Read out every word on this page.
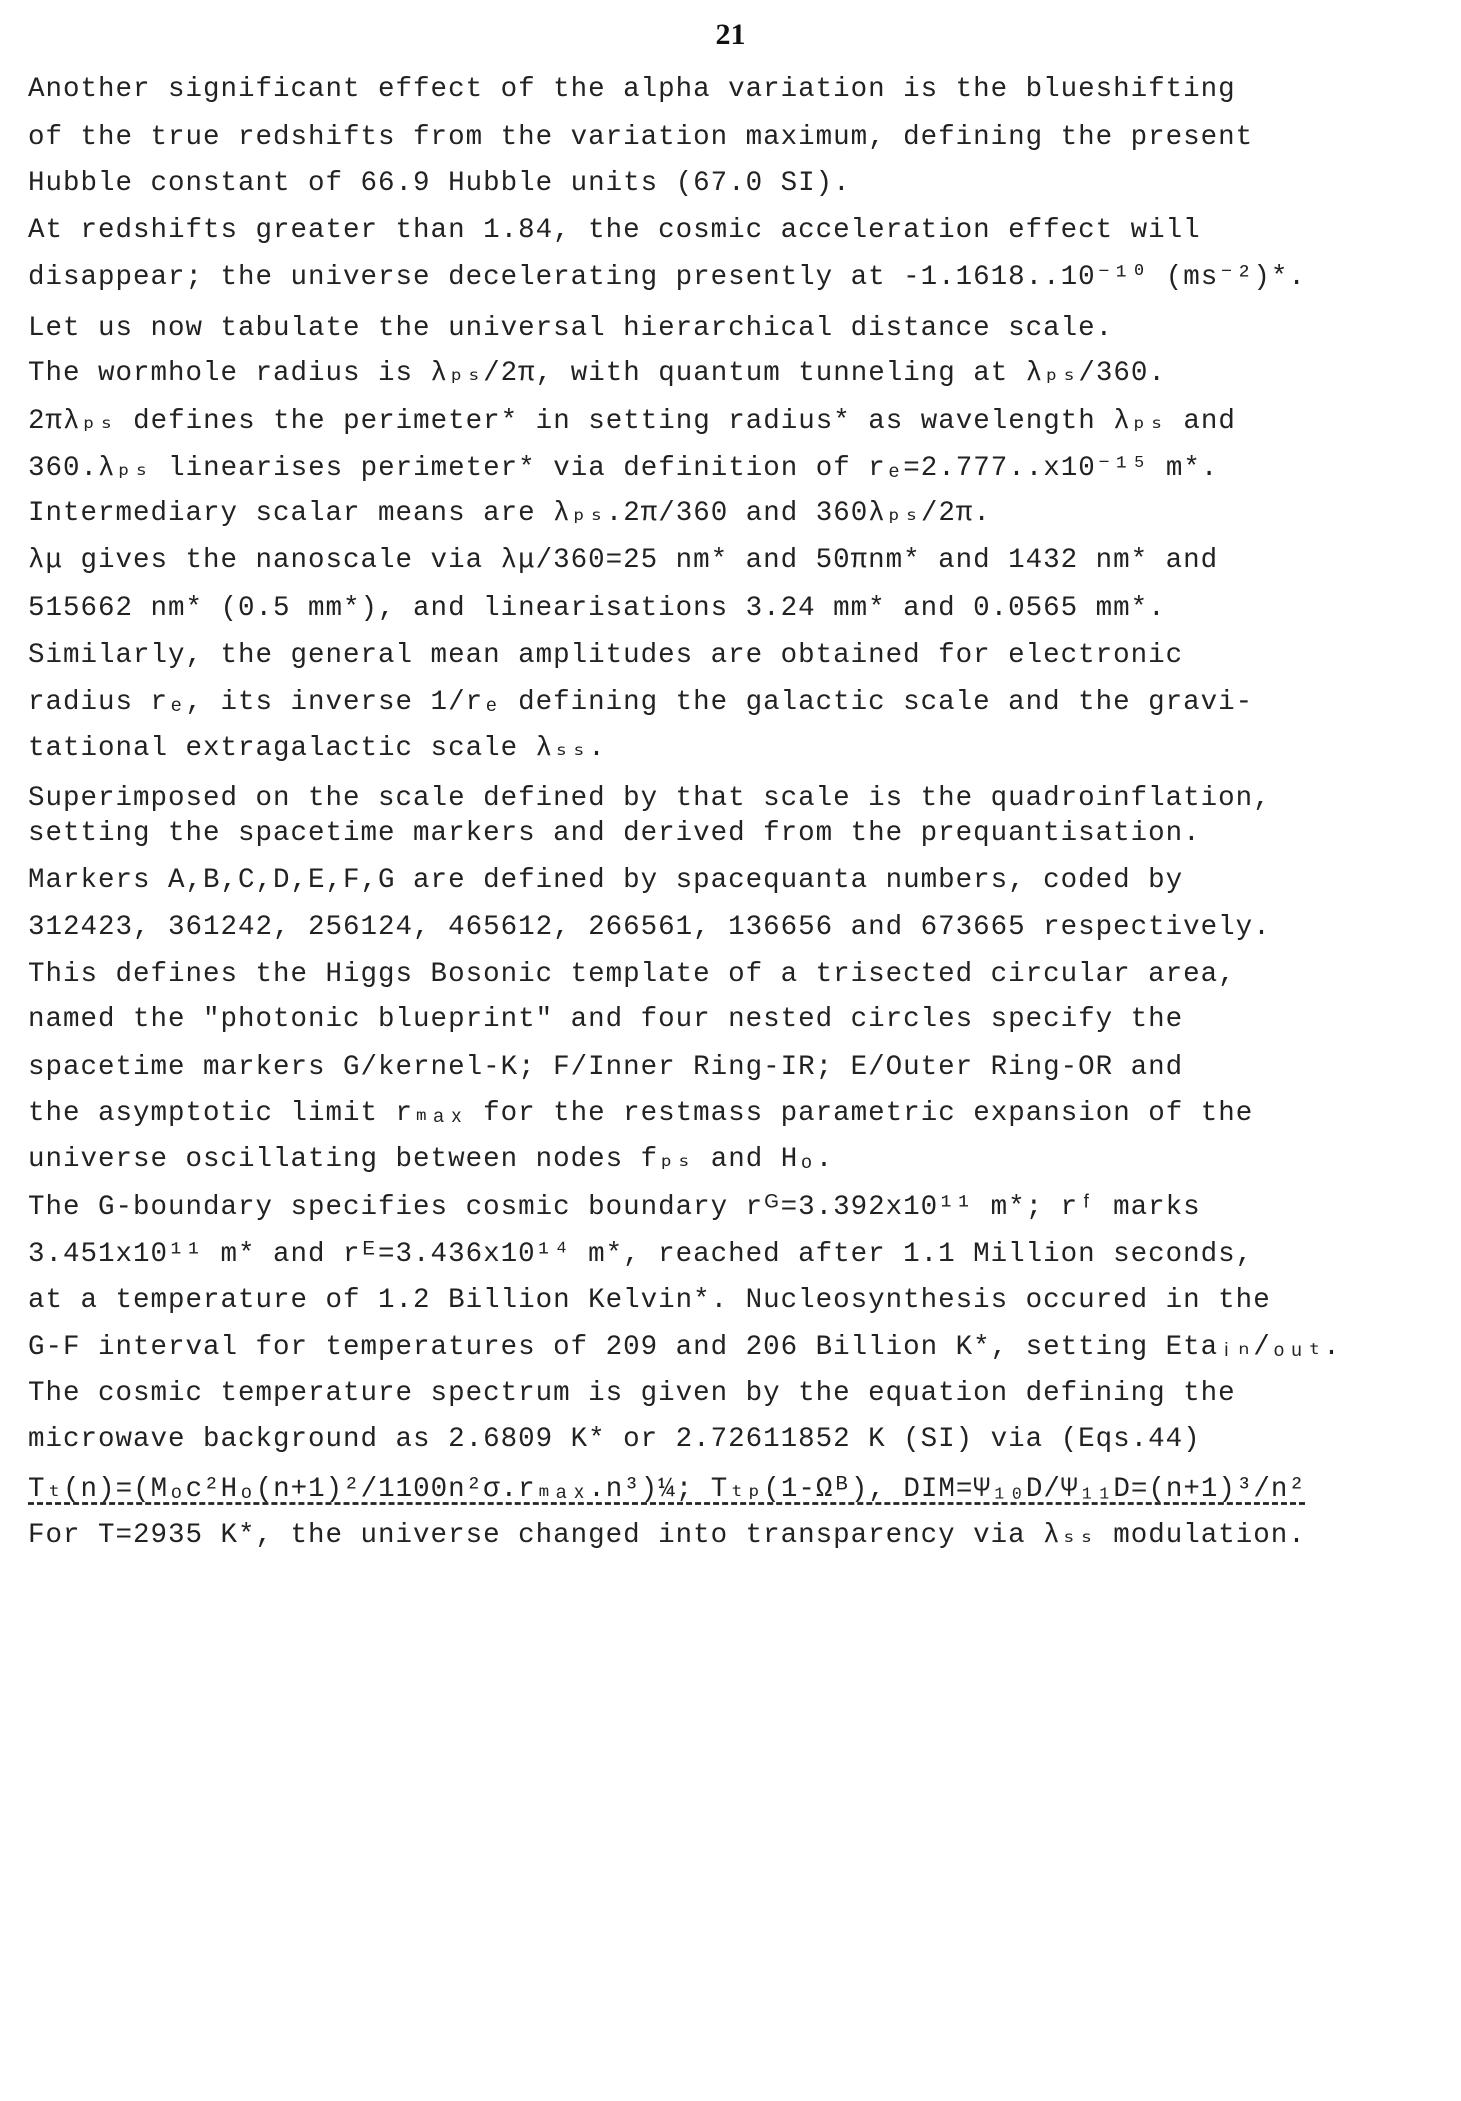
21
Another significant effect of the alpha variation is the blueshifting
of the true redshifts from the variation maximum, defining the present
Hubble constant of 66.9 Hubble units (67.0 SI).
At redshifts greater than 1.84, the cosmic acceleration effect will
disappear; the universe decelerating presently at -1.1618..10⁻¹⁰ (ms⁻²)*.
Let us now tabulate the universal hierarchical distance scale.
The wormhole radius is λₚₛ/2π, with quantum tunneling at λₚₛ/360.
2πλₚₛ defines the perimeter* in setting radius* as wavelength λₚₛ and
360.λₚₛ linearises perimeter* via definition of rₑ=2.777..x10⁻¹⁵ m*.
Intermediary scalar means are λₚₛ.2π/360 and 360λₚₛ/2π.
λμ gives the nanoscale via λμ/360=25 nm* and 50πnm* and 1432 nm* and
515662 nm* (0.5 mm*), and linearisations 3.24 mm* and 0.0565 mm*.
Similarly, the general mean amplitudes are obtained for electronic
radius rₑ, its inverse 1/rₑ defining the galactic scale and the gravi-
tational extragalactic scale λₛₛ.
Superimposed on the scale defined by that scale is the quadroinflation,
setting the spacetime markers and derived from the prequantisation.
Markers A,B,C,D,E,F,G are defined by spacequanta numbers, coded by
312423, 361242, 256124, 465612, 266561, 136656 and 673665 respectively.
This defines the Higgs Bosonic template of a trisected circular area,
named the "photonic blueprint" and four nested circles specify the
spacetime markers G/kernel-K; F/Inner Ring-IR; E/Outer Ring-OR and
the asymptotic limit rₘₐₓ for the restmass parametric expansion of the
universe oscillating between nodes fₚₛ and Hₒ.
The G-boundary specifies cosmic boundary rᴳ=3.392x10¹¹ m*; rᶠ marks
3.451x10¹¹ m* and rᴱ=3.436x10¹⁴ m*, reached after 1.1 Million seconds,
at a temperature of 1.2 Billion Kelvin*. Nucleosynthesis occured in the
G-F interval for temperatures of 209 and 206 Billion K*, setting Etaᵢₙ/ₒᵤₜ.
The cosmic temperature spectrum is given by the equation defining the
microwave background as 2.6809 K* or 2.72611852 K (SI) via (Eqs.44)
Tₜ(n)=(Mₒc²Hₒ(n+1)²/1100n²σ.rₘₐₓ.n³)¼; Tₜₚ(1-Ωᴮ), DIM=Ψ₁₀D/Ψ₁₁D=(n+1)³/n²
For T=2935 K*, the universe changed into transparency via λₛₛ modulation.
